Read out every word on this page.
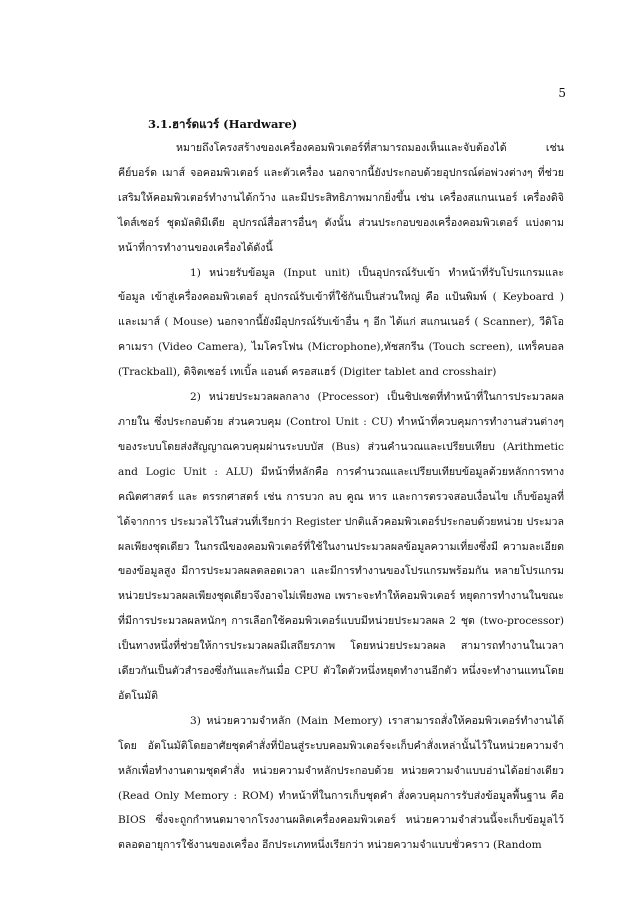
5
3.1.ฮาร์ดแวร์ (Hardware)

หมายถึงโครงสร้างของเครื่องคอมพิวเตอร์ที่สามารถมองเห็นและจับต้องได้ เช่น คีย์บอร์ด เมาส์ จอคอมพิวเตอร์ และตัวเครื่อง นอกจากนี้ยังประกอบด้วยอุปกรณ์ต่อพ่วงต่างๆ ที่ช่วยเสริมให้คอมพิวเตอร์ทำงานได้กว้าง และมีประสิทธิภาพมากยิ่งขึ้น เช่น เครื่องสแกนเนอร์ เครื่องดิจิไดส์เซอร์ ชุดมัลติมีเดีย อุปกรณ์สื่อสารอื่นๆ ดังนั้น ส่วนประกอบของเครื่องคอมพิวเตอร์ แบ่งตามหน้าที่การทำงานของเครื่องได้ดังนี้

1) หน่วยรับข้อมูล (Input unit) เป็นอุปกรณ์รับเข้า ทำหน้าที่รับโปรแกรมและข้อมูล เข้าสู่เครื่องคอมพิวเตอร์ อุปกรณ์รับเข้าที่ใช้กันเป็นส่วนใหญ่ คือ แป้นพิมพ์ ( Keyboard ) และเมาส์ ( Mouse) นอกจากนี้ยังมีอุปกรณ์รับเข้าอื่น ๆ อีก ได้แก่ สแกนเนอร์ ( Scanner), วีดิโอคาเมรา (Video Camera), ไมโครโฟน (Microphone),ทัชสกรีน (Touch screen), แทร็คบอล (Trackball), ดิจิตเซอร์ เทเบิ้ล แอนด์ ครอสแฮร์ (Digiter tablet and crosshair)

2) หน่วยประมวลผลกลาง (Processor) เป็นชิปเซตที่ทำหน้าที่ในการประมวลผล ภายใน ซึ่งประกอบด้วย ส่วนควบคุม (Control Unit : CU) ทำหน้าที่ควบคุมการทำงานส่วนต่างๆ ของระบบโดยส่งสัญญาณควบคุมผ่านระบบบัส (Bus) ส่วนคำนวณและเปรียบเทียบ (Arithmetic and Logic Unit : ALU) มีหน้าที่หลักคือ การคำนวณและเปรียบเทียบข้อมูลด้วยหลักการทาง คณิตศาสตร์ และ ตรรกศาสตร์ เช่น การบวก ลบ คูณ หาร และการตรวจสอบเงื่อนไข เก็บข้อมูลที่ ได้จากการ ประมวลไว้ในส่วนที่เรียกว่า Register ปกติแล้วคอมพิวเตอร์ประกอบด้วยหน่วย ประมวลผลเพียงชุดเดียว ในกรณีของคอมพิวเตอร์ที่ใช้ในงานประมวลผลข้อมูลความเที่ยงซึ่งมี ความละเอียดของข้อมูลสูง มีการประมวลผลตลอดเวลา และมีการทำงานของโปรแกรมพร้อมกัน หลายโปรแกรม หน่วยประมวลผลเพียงชุดเดียวจึงอาจไม่เพียงพอ เพราะจะทำให้คอมพิวเตอร์ หยุดการทำงานในขณะที่มีการประมวลผลหนักๆ การเลือกใช้คอมพิวเตอร์แบบมีหน่วยประมวลผล 2 ชุด (two-processor) เป็นทางหนึ่งที่ช่วยให้การประมวลผลมีเสถียรภาพ โดยหน่วยประมวลผล สามารถทำงานในเวลาเดียวกันเป็นตัวสำรองซึ่งกันและกันเมื่อ CPU ตัวใดตัวหนึ่งหยุดทำงานอีกตัว หนึ่งจะทำงานแทนโดยอัตโนมัติ

3) หน่วยความจำหลัก (Main Memory) เราสามารถสั่งให้คอมพิวเตอร์ทำงานได้โดย อัตโนมัติโดยอาศัยชุดคำสั่งที่ป้อนสู่ระบบคอมพิวเตอร์จะเก็บคำสั่งเหล่านั้นไว้ในหน่วยความจำ หลักเพื่อทำงานตามชุดคำสั่ง หน่วยความจำหลักประกอบด้วย หน่วยความจำแบบอ่านได้อย่างเดียว (Read Only Memory : ROM) ทำหน้าที่ในการเก็บชุดคำ สั่งควบคุมการรับส่งข้อมูลพื้นฐาน คือ BIOS ซึ่งจะถูกกำหนดมาจากโรงงานผลิตเครื่องคอมพิวเตอร์ หน่วยความจำส่วนนี้จะเก็บข้อมูลไว้ ตลอดอายุการใช้งานของเครื่อง อีกประเภทหนึ่งเรียกว่า หน่วยความจำแบบชั่วคราว (Random
